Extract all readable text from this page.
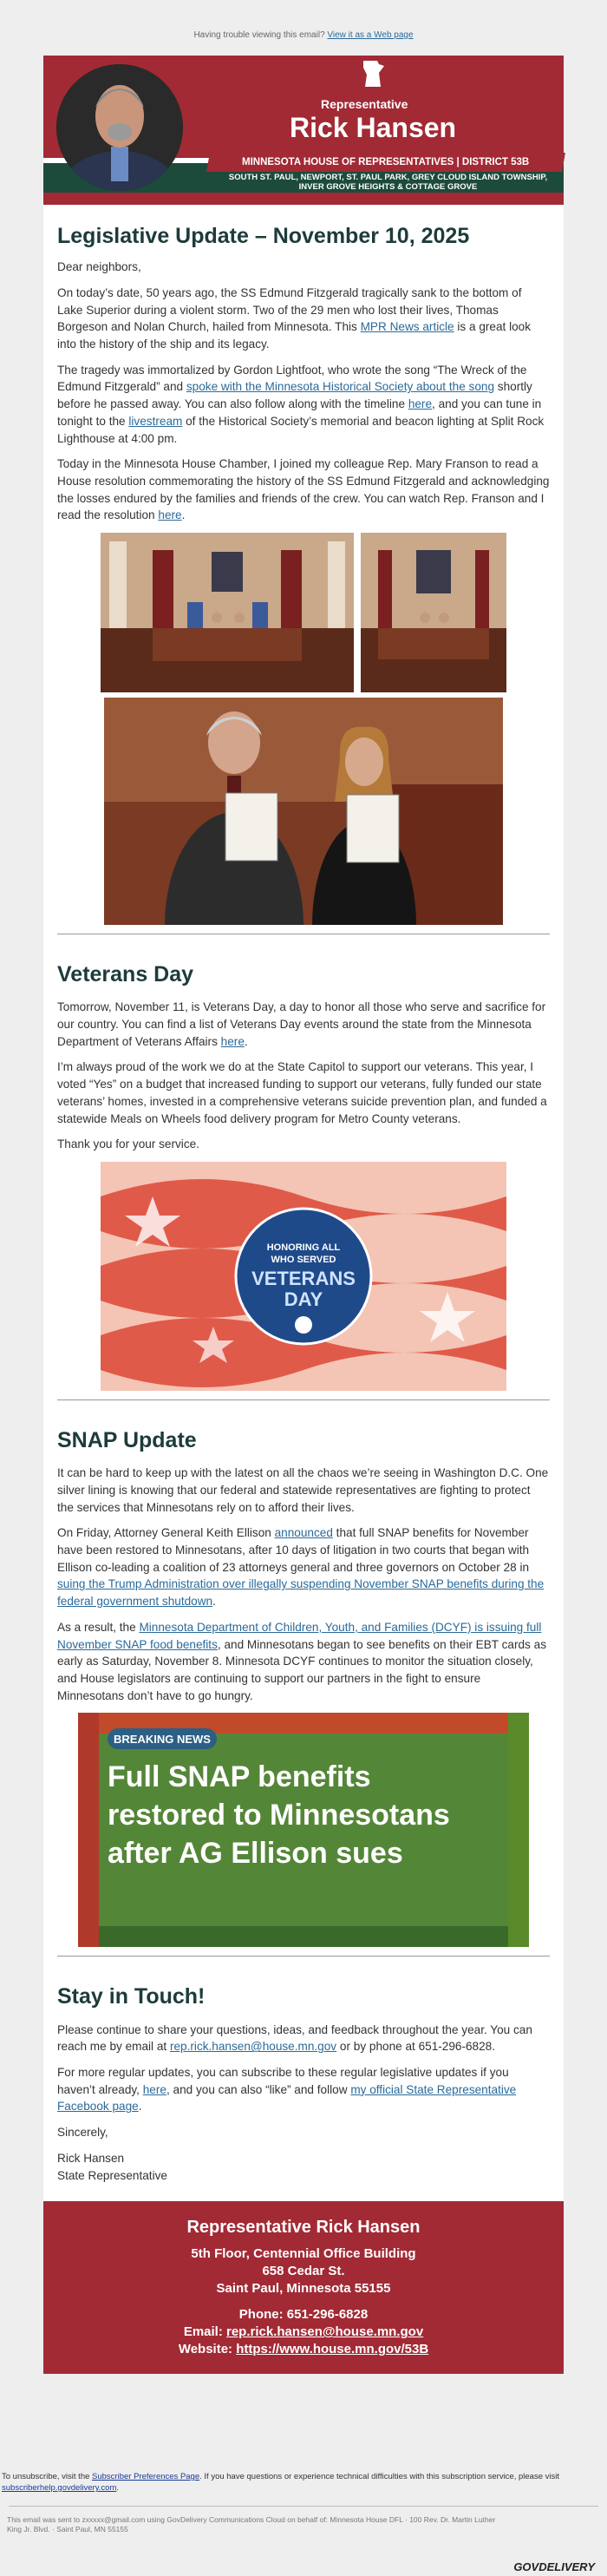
Having trouble viewing this email? View it as a Web page
Representative
Rick Hansen
MINNESOTA HOUSE OF REPRESENTATIVES | DISTRICT 53B
SOUTH ST. PAUL, NEWPORT, ST. PAUL PARK, GREY CLOUD ISLAND TOWNSHIP,
INVER GROVE HEIGHTS & COTTAGE GROVE
Legislative Update – November 10, 2025

Dear neighbors,

On today’s date, 50 years ago, the SS Edmund Fitzgerald tragically sank to the bottom of Lake Superior during a violent storm. Two of the 29 men who lost their lives, Thomas Borgeson and Nolan Church, hailed from Minnesota. This MPR News article is a great look into the history of the ship and its legacy.

The tragedy was immortalized by Gordon Lightfoot, who wrote the song “The Wreck of the Edmund Fitzgerald” and spoke with the Minnesota Historical Society about the song shortly before he passed away. You can also follow along with the timeline here, and you can tune in tonight to the livestream of the Historical Society’s memorial and beacon lighting at Split Rock Lighthouse at 4:00 pm.

Today in the Minnesota House Chamber, I joined my colleague Rep. Mary Franson to read a House resolution commemorating the history of the SS Edmund Fitzgerald and acknowledging the losses endured by the families and friends of the crew. You can watch Rep. Franson and I read the resolution here.

Veterans Day

Tomorrow, November 11, is Veterans Day, a day to honor all those who serve and sacrifice for our country. You can find a list of Veterans Day events around the state from the Minnesota Department of Veterans Affairs here.

I’m always proud of the work we do at the State Capitol to support our veterans. This year, I voted “Yes” on a budget that increased funding to support our veterans, fully funded our state veterans’ homes, invested in a comprehensive veterans suicide prevention plan, and funded a statewide Meals on Wheels food delivery program for Metro County veterans.

Thank you for your service.

HONORING ALL
WHO SERVED
VETERANS
DAY
SNAP Update

It can be hard to keep up with the latest on all the chaos we’re seeing in Washington D.C. One silver lining is knowing that our federal and statewide representatives are fighting to protect the services that Minnesotans rely on to afford their lives.

On Friday, Attorney General Keith Ellison announced that full SNAP benefits for November have been restored to Minnesotans, after 10 days of litigation in two courts that began with Ellison co-leading a coalition of 23 attorneys general and three governors on October 28 in suing the Trump Administration over illegally suspending November SNAP benefits during the federal government shutdown.

As a result, the Minnesota Department of Children, Youth, and Families (DCYF) is issuing full November SNAP food benefits, and Minnesotans began to see benefits on their EBT cards as early as Saturday, November 8. Minnesota DCYF continues to monitor the situation closely, and House legislators are continuing to support our partners in the fight to ensure Minnesotans don’t have to go hungry.

BREAKING NEWS
Full SNAP benefits restored to Minnesotans after AG Ellison sues
Stay in Touch!

Please continue to share your questions, ideas, and feedback throughout the year. You can reach me by email at rep.rick.hansen@house.mn.gov or by phone at 651-296-6828.

For more regular updates, you can subscribe to these regular legislative updates if you haven’t already, here, and you can also “like” and follow my official State Representative Facebook page.

Sincerely,

Rick Hansen
State Representative
Representative Rick Hansen
5th Floor, Centennial Office Building
658 Cedar St.
Saint Paul, Minnesota 55155
Phone: 651-296-6828
Email: rep.rick.hansen@house.mn.gov
Website: https://www.house.mn.gov/53B
To unsubscribe, visit the Subscriber Preferences Page. If you have questions or experience technical difficulties with this subscription service, please visit subscriberhelp.govdelivery.com.
This email was sent to zxxxxx@gmail.com using GovDelivery Communications Cloud on behalf of: Minnesota House DFL · 100 Rev. Dr. Martin Luther King Jr. Blvd. · Saint Paul, MN 55155
GOVDELIVERY
